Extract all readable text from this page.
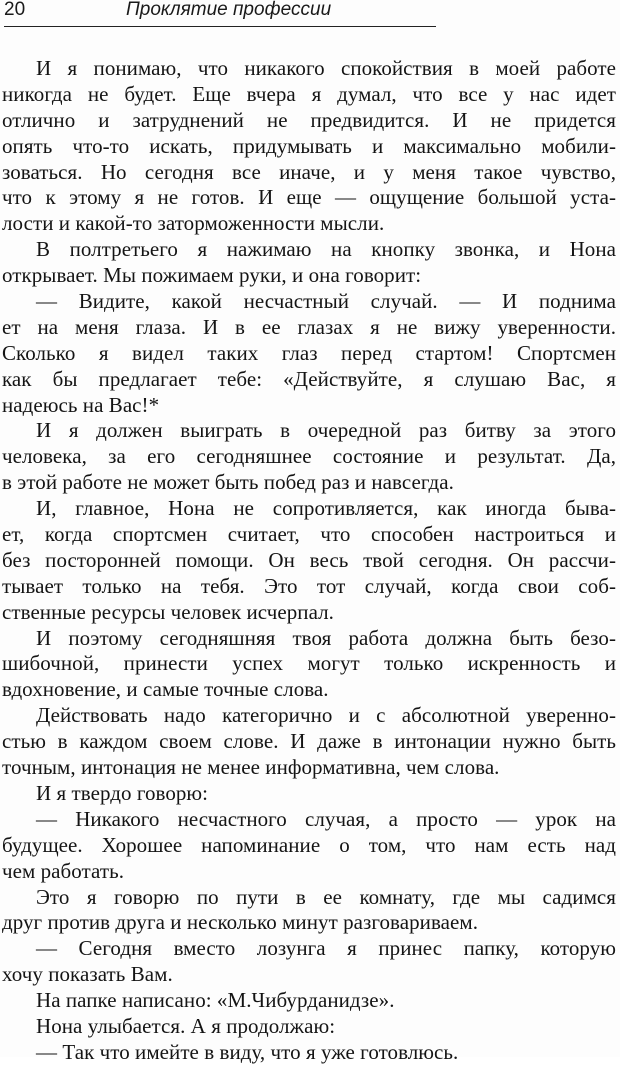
20	Проклятие профессии
И я понимаю, что никакого спокойствия в моей работе
никогда не будет. Еще вчера я думал, что все у нас идет
отлично и затруднений не предвидится. И не придется
опять что-то искать, придумывать и максимально мобили-
зоваться. Но сегодня все иначе, и у меня такое чувство,
что к этому я не готов. И еще — ощущение большой уста-
лости и какой-то заторможенности мысли.
В полтретьего я нажимаю на кнопку звонка, и Нона
открывает. Мы пожимаем руки, и она говорит:
— Видите, какой несчастный случай. — И поднима
ет на меня глаза. И в ее глазах я не вижу уверенности.
Сколько я видел таких глаз перед стартом! Спортсмен
как бы предлагает тебе: «Действуйте, я слушаю Вас, я
надеюсь на Вас!*
И я должен выиграть в очередной раз битву за этого
человека, за его сегодняшнее состояние и результат. Да,
в этой работе не может быть побед раз и навсегда.
И, главное, Нона не сопротивляется, как иногда быва-
ет, когда спортсмен считает, что способен настроиться и
без посторонней помощи. Он весь твой сегодня. Он рассчи-
тывает только на тебя. Это тот случай, когда свои соб-
ственные ресурсы человек исчерпал.
И поэтому сегодняшняя твоя работа должна быть безо-
шибочной, принести успех могут только искренность и
вдохновение, и самые точные слова.
Действовать надо категорично и с абсолютной уверенно-
стью в каждом своем слове. И даже в интонации нужно быть
точным, интонация не менее информативна, чем слова.
И я твердо говорю:
— Никакого несчастного случая, а просто — урок на
будущее. Хорошее напоминание о том, что нам есть над
чем работать.
Это я говорю по пути в ее комнату, где мы садимся
друг против друга и несколько минут разговариваем.
— Сегодня вместо лозунга я принес папку, которую
хочу показать Вам.
На папке написано: «М.Чибурданидзе».
Нона улыбается. А я продолжаю:
— Так что имейте в виду, что я уже готовлюсь.
